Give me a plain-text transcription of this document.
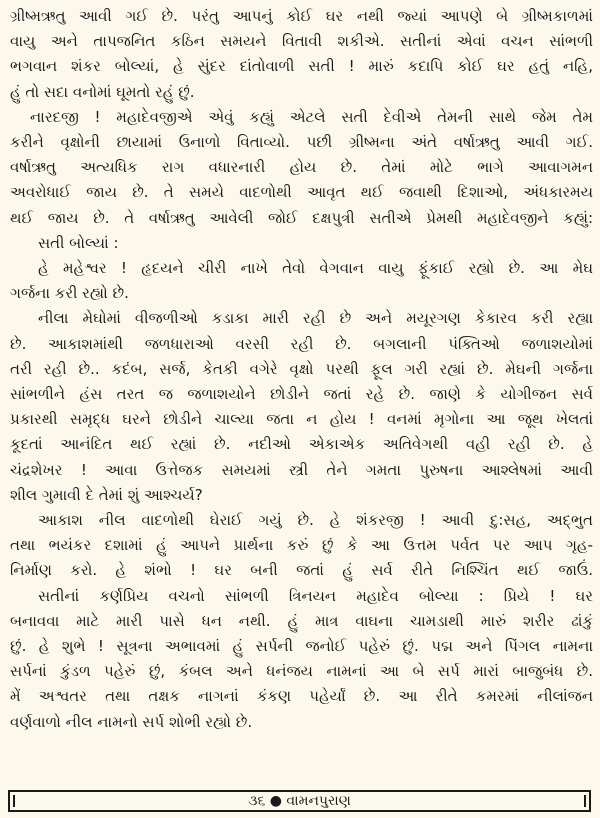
ગ્રીષ્મઋતુ આવી ગઈ છે. પરંતુ આપનું કોઈ ઘર નથી જ્યાં આપણે બે ગ્રીષ્મકાળમાં
વાયુ અને તાપજનિત કઠિન સમયને વિતાવી શકીએ. સતીનાં એવાં વચન સાંભળી
ભગવાન શંકર બોલ્યાં, હે સુંદર દાંતોવાળી સતી ! મારું કદાપિ કોઈ ઘર હતું નહિ,
હું તો સદા વનોમાં ઘૂમતો રહું છું.
નારદજી ! મહાદેવજીએ એવું કહ્યું એટલે સતી દેવીએ તેમની સાથે જેમ તેમ
કરીને વૃક્ષોની છાયામાં ઉનાળો વિતાવ્યો. પછી ગ્રીષ્મના અંતે વર્ષાઋતુ આવી ગઈ.
વર્ષાઋતુ અત્યધિક રાગ વધારનારી હોય છે. તેમાં મોટે ભાગે આવાગમન
અવરોધાઈ જાય છે. તે સમયે વાદળોથી આવૃત થઈ જવાથી દિશાઓ, અંધકારમય
થઈ જાય છે. તે વર્ષાઋતુ આવેલી જોઈ દક્ષપુત્રી સતીએ પ્રેમથી મહાદેવજીને કહ્યું:
સતી બોલ્યાં :
હે મહેશ્વર ! હૃદયને ચીરી નાખે તેવો વેગવાન વાયુ ફૂંકાઈ રહ્યો છે. આ મેઘ
ગર્જના કરી રહ્યો છે.
નીલા મેઘોમાં વીજળીઓ કડાકા મારી રહી છે અને મયૂરગણ કેકારવ કરી રહ્યા
છે. આકાશમાંથી જળધારાઓ વરસી રહી છે. બગલાની પંક્તિઓ જળાશયોમાં
તરી રહી છે.. કદંબ, સર્જ, કેતકી વગેરે વૃક્ષો પરથી ફૂલ ગરી રહ્યાં છે. મેઘની ગર્જના
સાંભળીને હંસ તરત જ જળાશયોને છોડીને જતાં રહે છે. જાણે કે યોગીજન સર્વ
પ્રકારથી સમૃદ્ધ ઘરને છોડીને ચાલ્યા જતા ન હોય ! વનમાં મૃગોના આ જૂથ ખેલતાં
કૂદતાં આનંદિત થઈ રહ્યાં છે. નદીઓ એકાએક અતિવેગથી વહી રહી છે. હે
ચંદ્રશેખર ! આવા ઉત્તેજક સમયમાં સ્ત્રી તેને ગમતા પુરુષના આશ્લેષમાં આવી
શીલ ગુમાવી દે તેમાં શું આશ્ચર્ય?
આકાશ નીલ વાદળોથી ઘેરાઈ ગયું છે. હે શંકરજી ! આવી દુ:સહ, અદ્ભુત
તથા ભયંકર દશામાં હું આપને પ્રાર્થના કરું છું કે આ ઉત્તમ પર્વત પર આપ ગૃહ-
નિર્માણ કરો. હે શંભો ! ઘર બની જતાં હું સર્વ રીતે નિશ્ચિંત થઈ જાઉં.
સતીનાં કર્ણપ્રિય વચનો સાંભળી ત્રિનયન મહાદેવ બોલ્યા : પ્રિયે ! ઘર
બનાવવા માટે મારી પાસે ધન નથી. હું માત્ર વાઘના ચામડાથી મારું શરીર ઢાંકું
છું. હે શુભે ! સૂત્રના અભાવમાં હું સર્પની જનોઈ પહેરું છું. પદ્મ અને પિંગલ નામના
સર્પનાં કુંડળ પહેરું છું, કંબલ અને ધનંજય નામનાં આ બે સર્પ મારાં બાજુબંધ છે.
મેં અશ્વતર તથા તક્ષક નાગનાં કંકણ પહેર્યાં છે. આ રીતે કમરમાં નીલાંજન
વર્ણવાળો નીલ નામનો સર્પ શોભી રહ્યો છે.
૩૬ ● વામનપુરાણ
